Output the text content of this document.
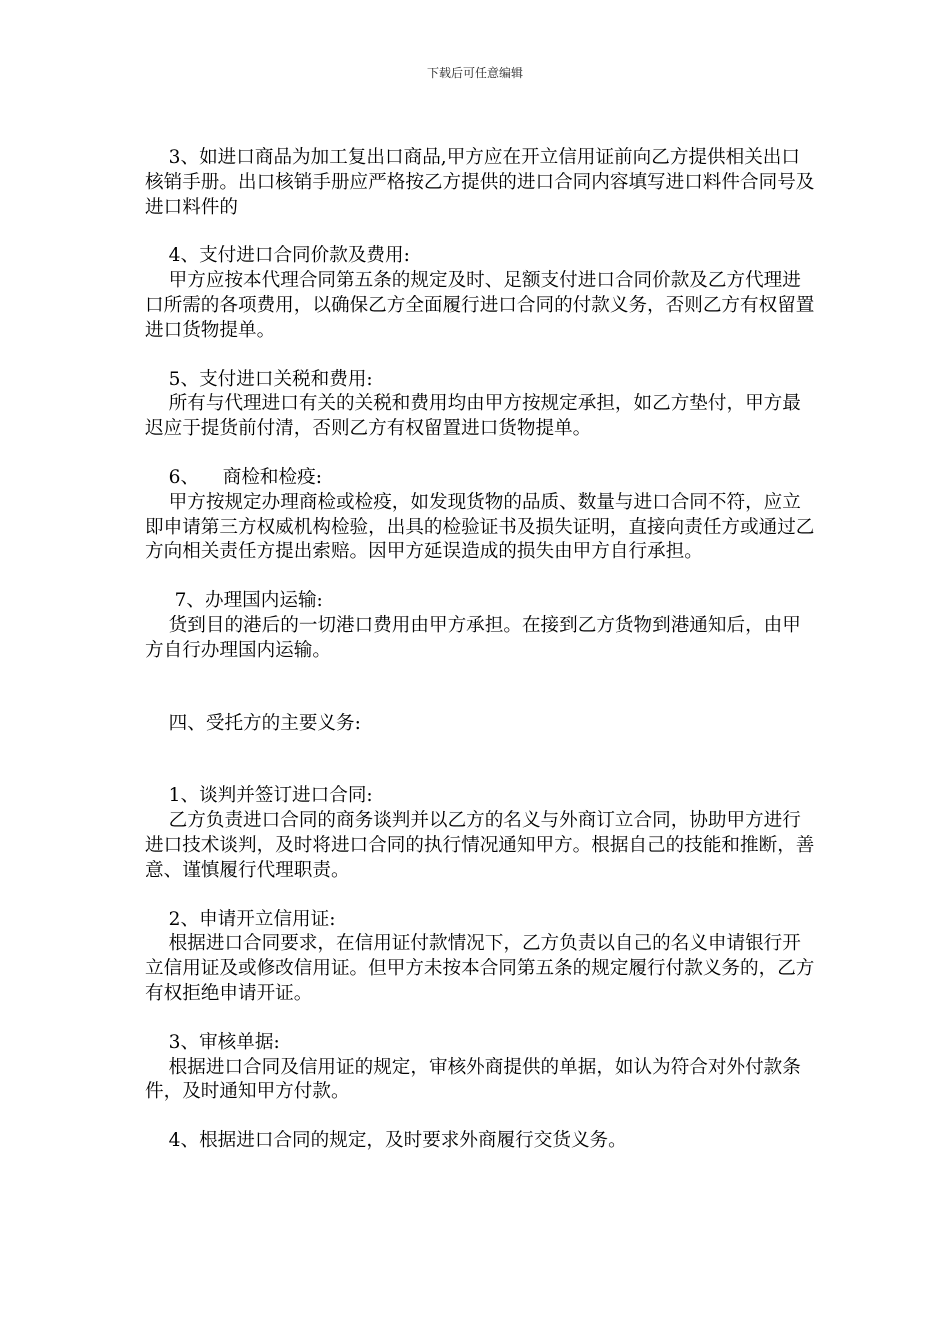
下载后可任意编辑

3、如进口商品为加工复出口商品,甲方应在开立信用证前向乙方提供相关出口核销手册。出口核销手册应严格按乙方提供的进口合同内容填写进口料件合同号及进口料件的

4、支付进口合同价款及费用:

甲方应按本代理合同第五条的规定及时、足额支付进口合同价款及乙方代理进口所需的各项费用，以确保乙方全面履行进口合同的付款义务，否则乙方有权留置进口货物提单。

5、支付进口关税和费用:

所有与代理进口有关的关税和费用均由甲方按规定承担，如乙方垫付，甲方最迟应于提货前付清，否则乙方有权留置进口货物提单。

6、    商检和检疫:

甲方按规定办理商检或检疫，如发现货物的品质、数量与进口合同不符，应立即申请第三方权威机构检验，出具的检验证书及损失证明，直接向责任方或通过乙方向相关责任方提出索赔。因甲方延误造成的损失由甲方自行承担。

7、办理国内运输:

货到目的港后的一切港口费用由甲方承担。在接到乙方货物到港通知后，由甲方自行办理国内运输。

四、受托方的主要义务:

1、谈判并签订进口合同:

乙方负责进口合同的商务谈判并以乙方的名义与外商订立合同，协助甲方进行进口技术谈判，及时将进口合同的执行情况通知甲方。根据自己的技能和推断，善意、谨慎履行代理职责。

2、申请开立信用证:

根据进口合同要求，在信用证付款情况下，乙方负责以自己的名义申请银行开立信用证及或修改信用证。但甲方未按本合同第五条的规定履行付款义务的，乙方有权拒绝申请开证。

3、审核单据:

根据进口合同及信用证的规定，审核外商提供的单据，如认为符合对外付款条件，及时通知甲方付款。

4、根据进口合同的规定，及时要求外商履行交货义务。
